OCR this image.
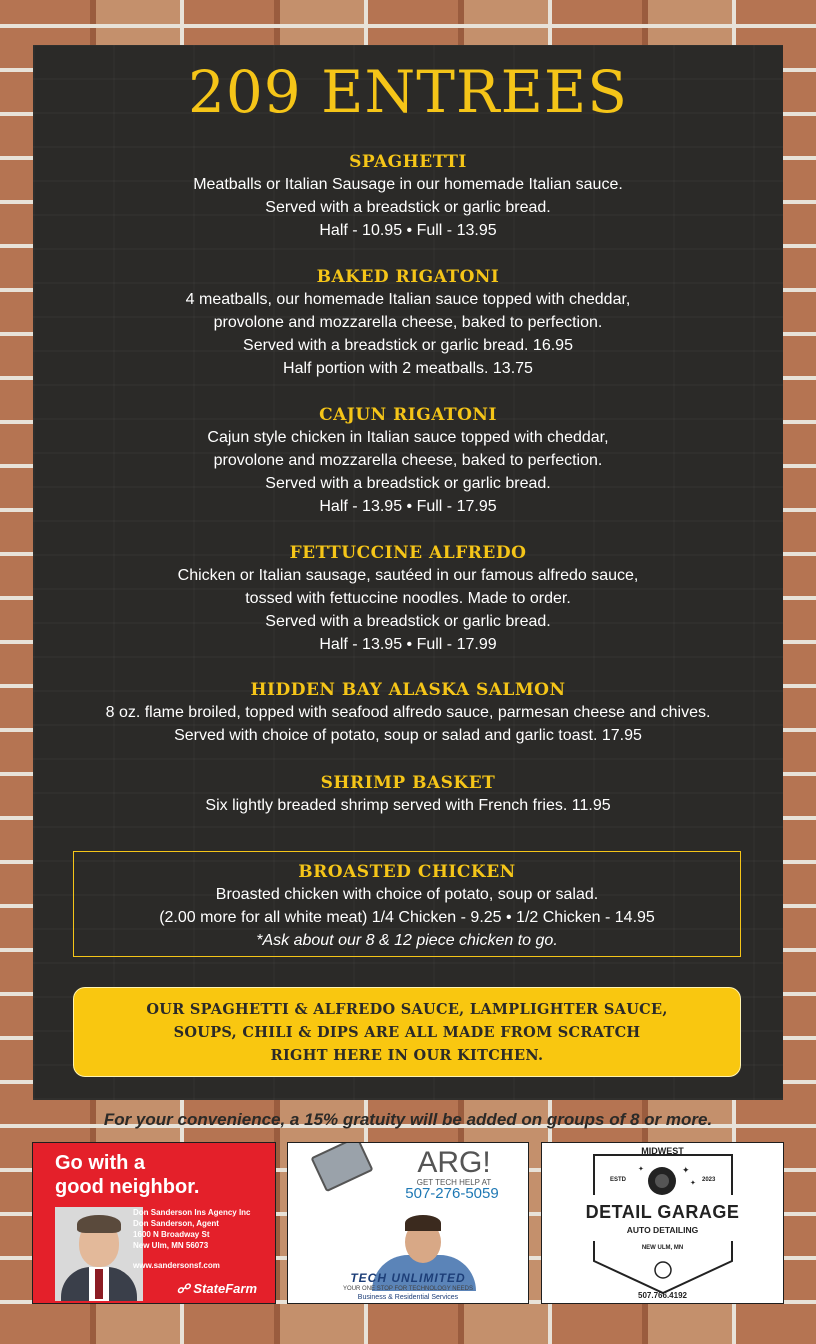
209 ENTREES
SPAGHETTI

Meatballs or Italian Sausage in our homemade Italian sauce.

Served with a breadstick or garlic bread.

Half - 10.95 • Full - 13.95

BAKED RIGATONI

4 meatballs, our homemade Italian sauce topped with cheddar,

provolone and mozzarella cheese, baked to perfection.

Served with a breadstick or garlic bread. 16.95

Half portion with 2 meatballs. 13.75

CAJUN RIGATONI

Cajun style chicken in Italian sauce topped with cheddar,

provolone and mozzarella cheese, baked to perfection.

Served with a breadstick or garlic bread.

Half - 13.95 • Full - 17.95

FETTUCCINE ALFREDO

Chicken or Italian sausage, sautéed in our famous alfredo sauce,

tossed with fettuccine noodles. Made to order.

Served with a breadstick or garlic bread.

Half - 13.95 • Full - 17.99

HIDDEN BAY ALASKA SALMON

8 oz. flame broiled, topped with seafood alfredo sauce, parmesan cheese and chives.

Served with choice of potato, soup or salad and garlic toast. 17.95

SHRIMP BASKET

Six lightly breaded shrimp served with French fries. 11.95

BROASTED CHICKEN

Broasted chicken with choice of potato, soup or salad.

(2.00 more for all white meat) 1/4 Chicken - 9.25 • 1/2 Chicken - 14.95

*Ask about our 8 & 12 piece chicken to go.

OUR SPAGHETTI & ALFREDO SAUCE, LAMPLIGHTER SAUCE,

SOUPS, CHILI & DIPS ARE ALL MADE FROM SCRATCH

RIGHT HERE IN OUR KITCHEN.

For your convenience, a 15% gratuity will be added on groups of 8 or more.
Go with a
good neighbor.
Don Sanderson Ins Agency Inc
Don Sanderson, Agent
1600 N Broadway St
New Ulm, MN 56073
www.sandersonsf.com
☍ StateFarm
ARG!
GET TECH HELP AT
507-276-5059
TECH UNLIMITED
YOUR ONE STOP FOR TECHNOLOGY NEEDS
Business & Residential Services
✦
✦
✦
MIDWEST
ESTD	2023
DETAIL GARAGE
AUTO DETAILING
NEW ULM, MN
507.766.4192
